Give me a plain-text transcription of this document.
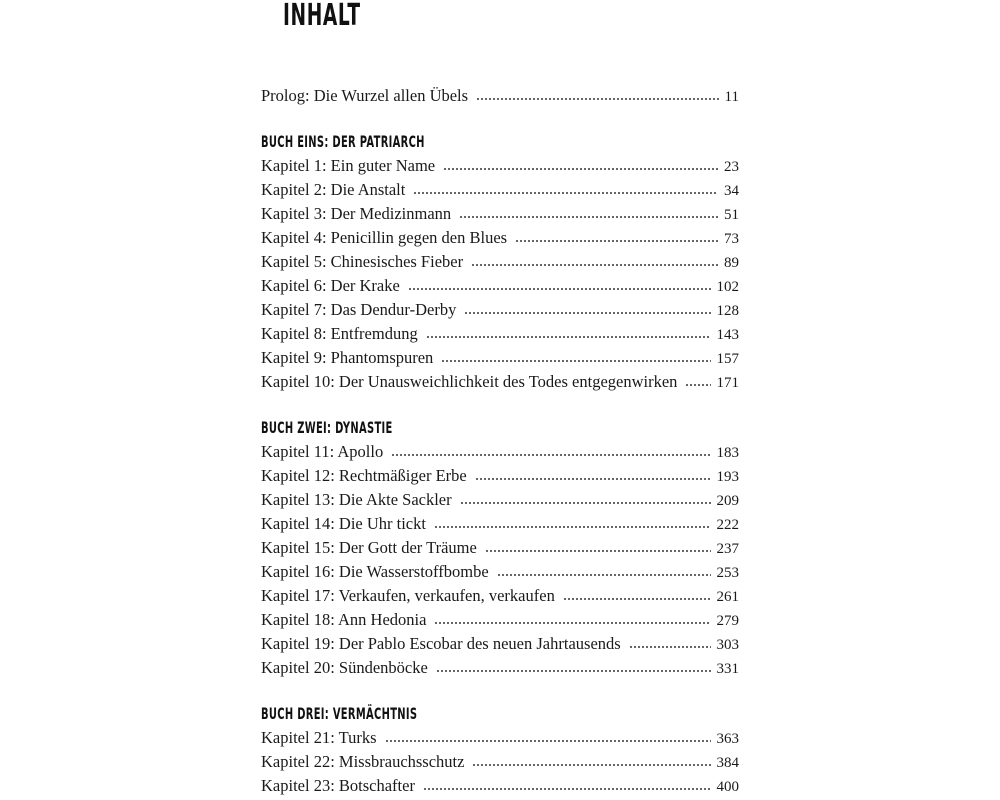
INHALT
Prolog: Die Wurzel allen Übels	11
BUCH EINS: DER PATRIARCH
Kapitel 1: Ein guter Name	23
Kapitel 2: Die Anstalt	34
Kapitel 3: Der Medizinmann	51
Kapitel 4: Penicillin gegen den Blues	73
Kapitel 5: Chinesisches Fieber	89
Kapitel 6: Der Krake	102
Kapitel 7: Das Dendur-Derby	128
Kapitel 8: Entfremdung	143
Kapitel 9: Phantomspuren	157
Kapitel 10: Der Unausweichlichkeit des Todes entgegenwirken	171
BUCH ZWEI: DYNASTIE
Kapitel 11: Apollo	183
Kapitel 12: Rechtmäßiger Erbe	193
Kapitel 13: Die Akte Sackler	209
Kapitel 14: Die Uhr tickt	222
Kapitel 15: Der Gott der Träume	237
Kapitel 16: Die Wasserstoffbombe	253
Kapitel 17: Verkaufen, verkaufen, verkaufen	261
Kapitel 18: Ann Hedonia	279
Kapitel 19: Der Pablo Escobar des neuen Jahrtausends	303
Kapitel 20: Sündenböcke	331
BUCH DREI: VERMÄCHTNIS
Kapitel 21: Turks	363
Kapitel 22: Missbrauchsschutz	384
Kapitel 23: Botschafter	400
